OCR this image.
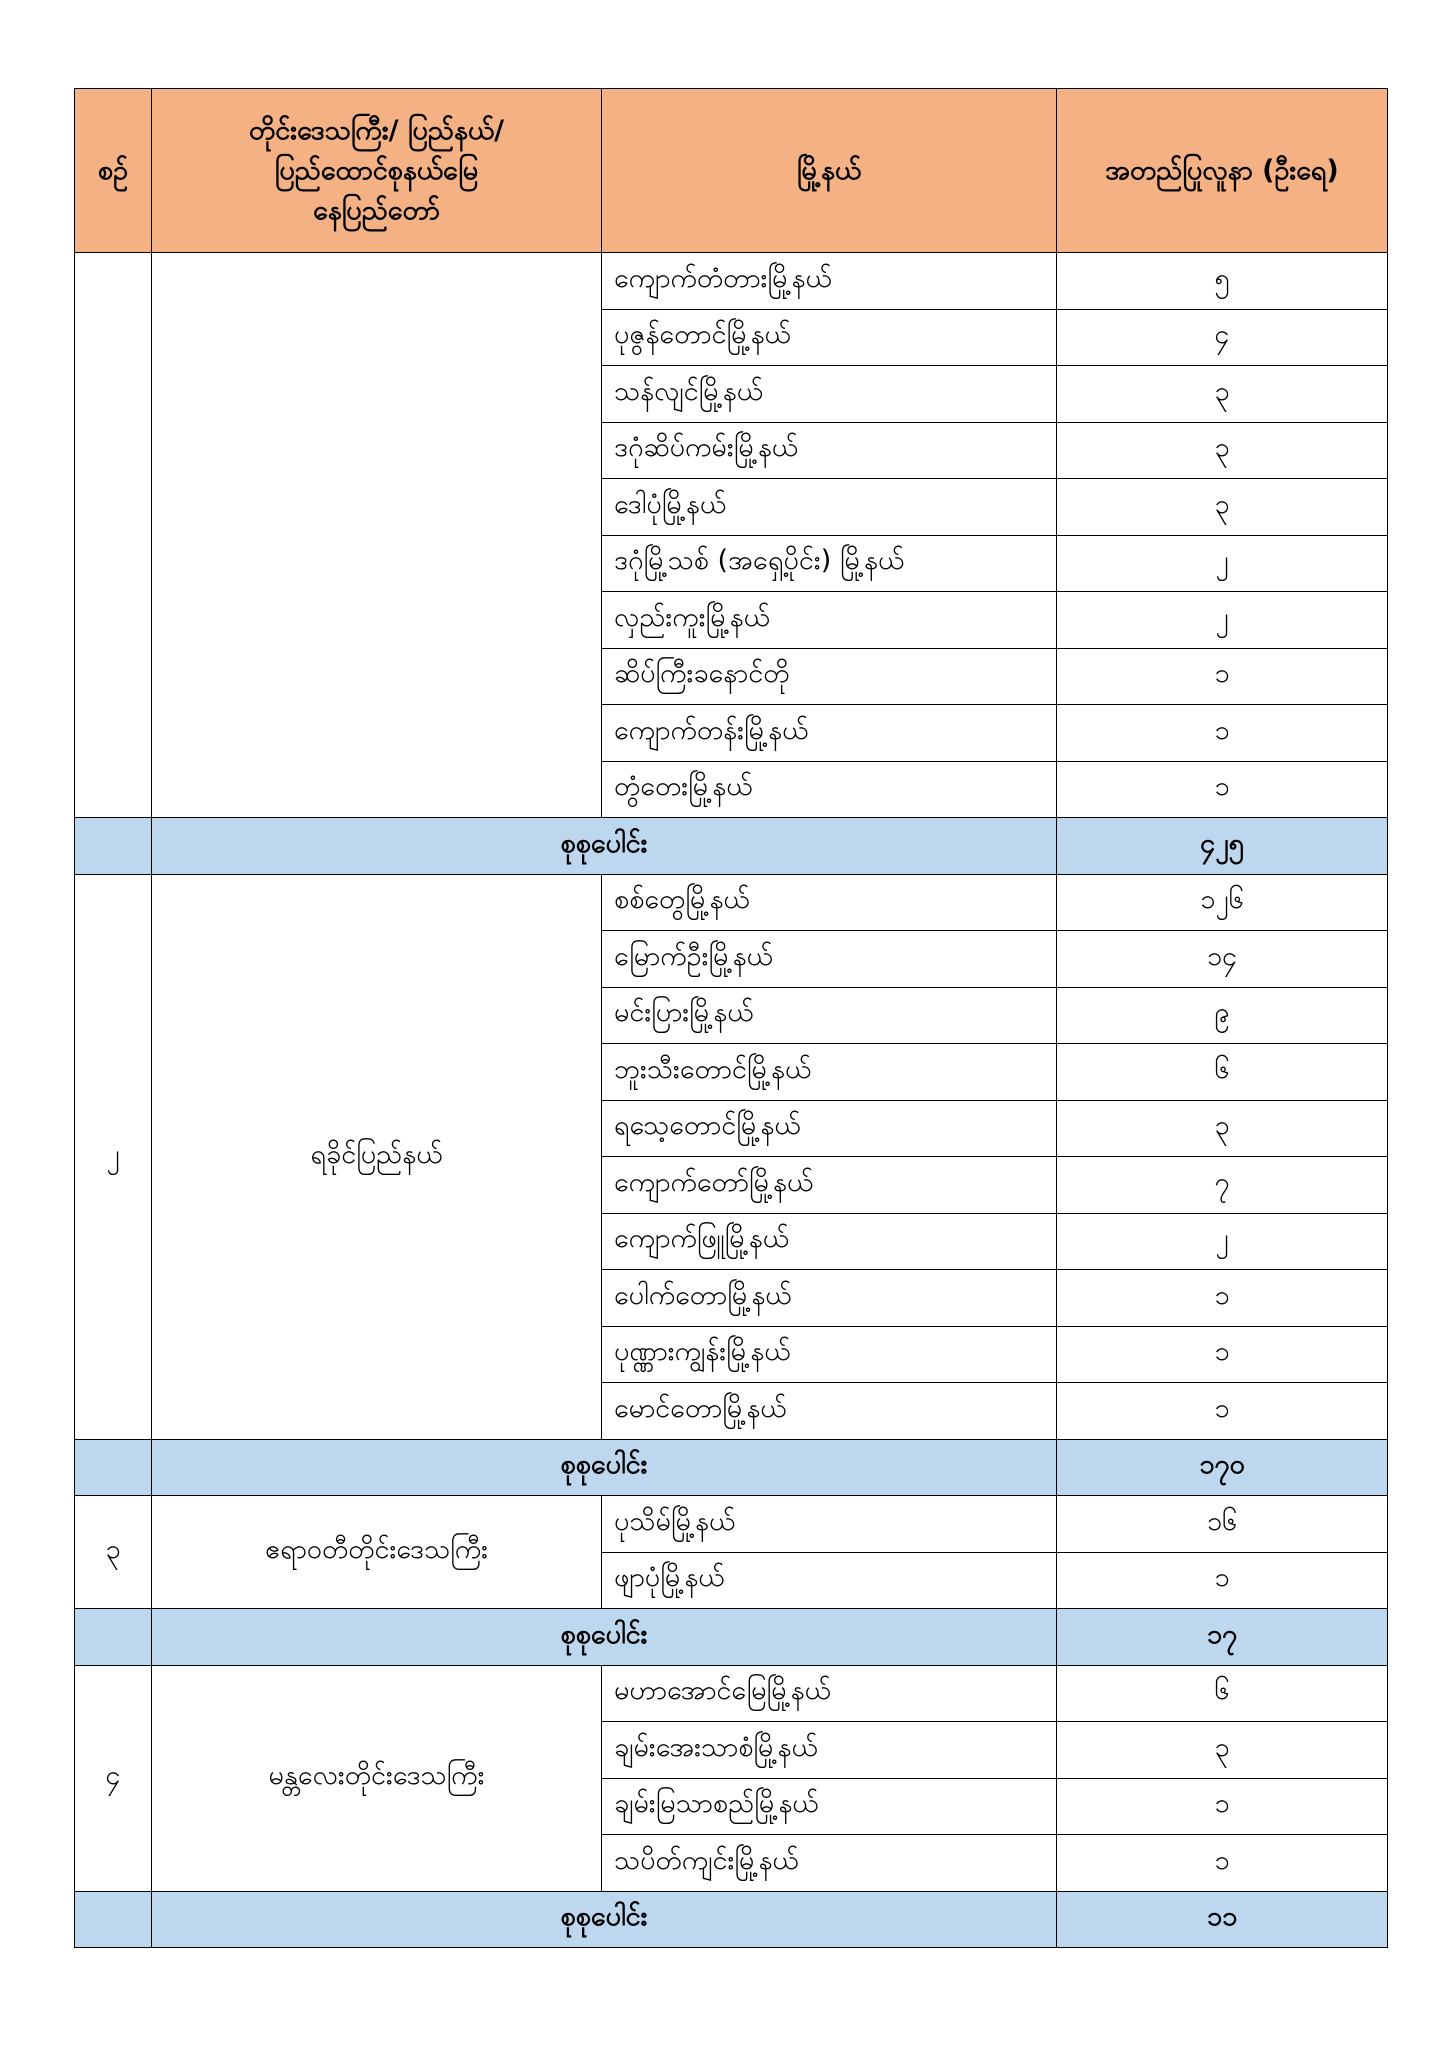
စဉ်	တိုင်းဒေသကြီး/ ပြည်နယ်/
ပြည်ထောင်စုနယ်မြေ
နေပြည်တော်	မြို့နယ်	အတည်ပြုလူနာ (ဦးရေ)
		ကျောက်တံတားမြို့နယ်	၅
		ပုဇွန်တောင်မြို့နယ်	၄
		သန်လျင်မြို့နယ်	၃
		ဒဂုံဆိပ်ကမ်းမြို့နယ်	၃
		ဒေါပုံမြို့နယ်	၃
		ဒဂုံမြို့သစ် (အရှေ့ပိုင်း) မြို့နယ်	၂
		လှည်းကူးမြို့နယ်	၂
		ဆိပ်ကြီးခနောင်တို	၁
		ကျောက်တန်းမြို့နယ်	၁
		တွံတေးမြို့နယ်	၁
	စုစုပေါင်း		၄၂၅
၂	ရခိုင်ပြည်နယ်	စစ်တွေမြို့နယ်	၁၂၆
		မြောက်ဦးမြို့နယ်	၁၄
		မင်းပြားမြို့နယ်	၉
		ဘူးသီးတောင်မြို့နယ်	၆
		ရသေ့တောင်မြို့နယ်	၃
		ကျောက်တော်မြို့နယ်	၇
		ကျောက်ဖြူမြို့နယ်	၂
		ပေါက်တောမြို့နယ်	၁
		ပုဏ္ဏားကျွန်းမြို့နယ်	၁
		မောင်တောမြို့နယ်	၁
	စုစုပေါင်း		၁၇၀
၃	ဧရာဝတီတိုင်းဒေသကြီး	ပုသိမ်မြို့နယ်	၁၆
		ဖျာပုံမြို့နယ်	၁
	စုစုပေါင်း		၁၇
၄	မန္တလေးတိုင်းဒေသကြီး	မဟာအောင်မြေမြို့နယ်	၆
		ချမ်းအေးသာစံမြို့နယ်	၃
		ချမ်းမြသာစည်မြို့နယ်	၁
		သပိတ်ကျင်းမြို့နယ်	၁
	စုစုပေါင်း		၁၁
